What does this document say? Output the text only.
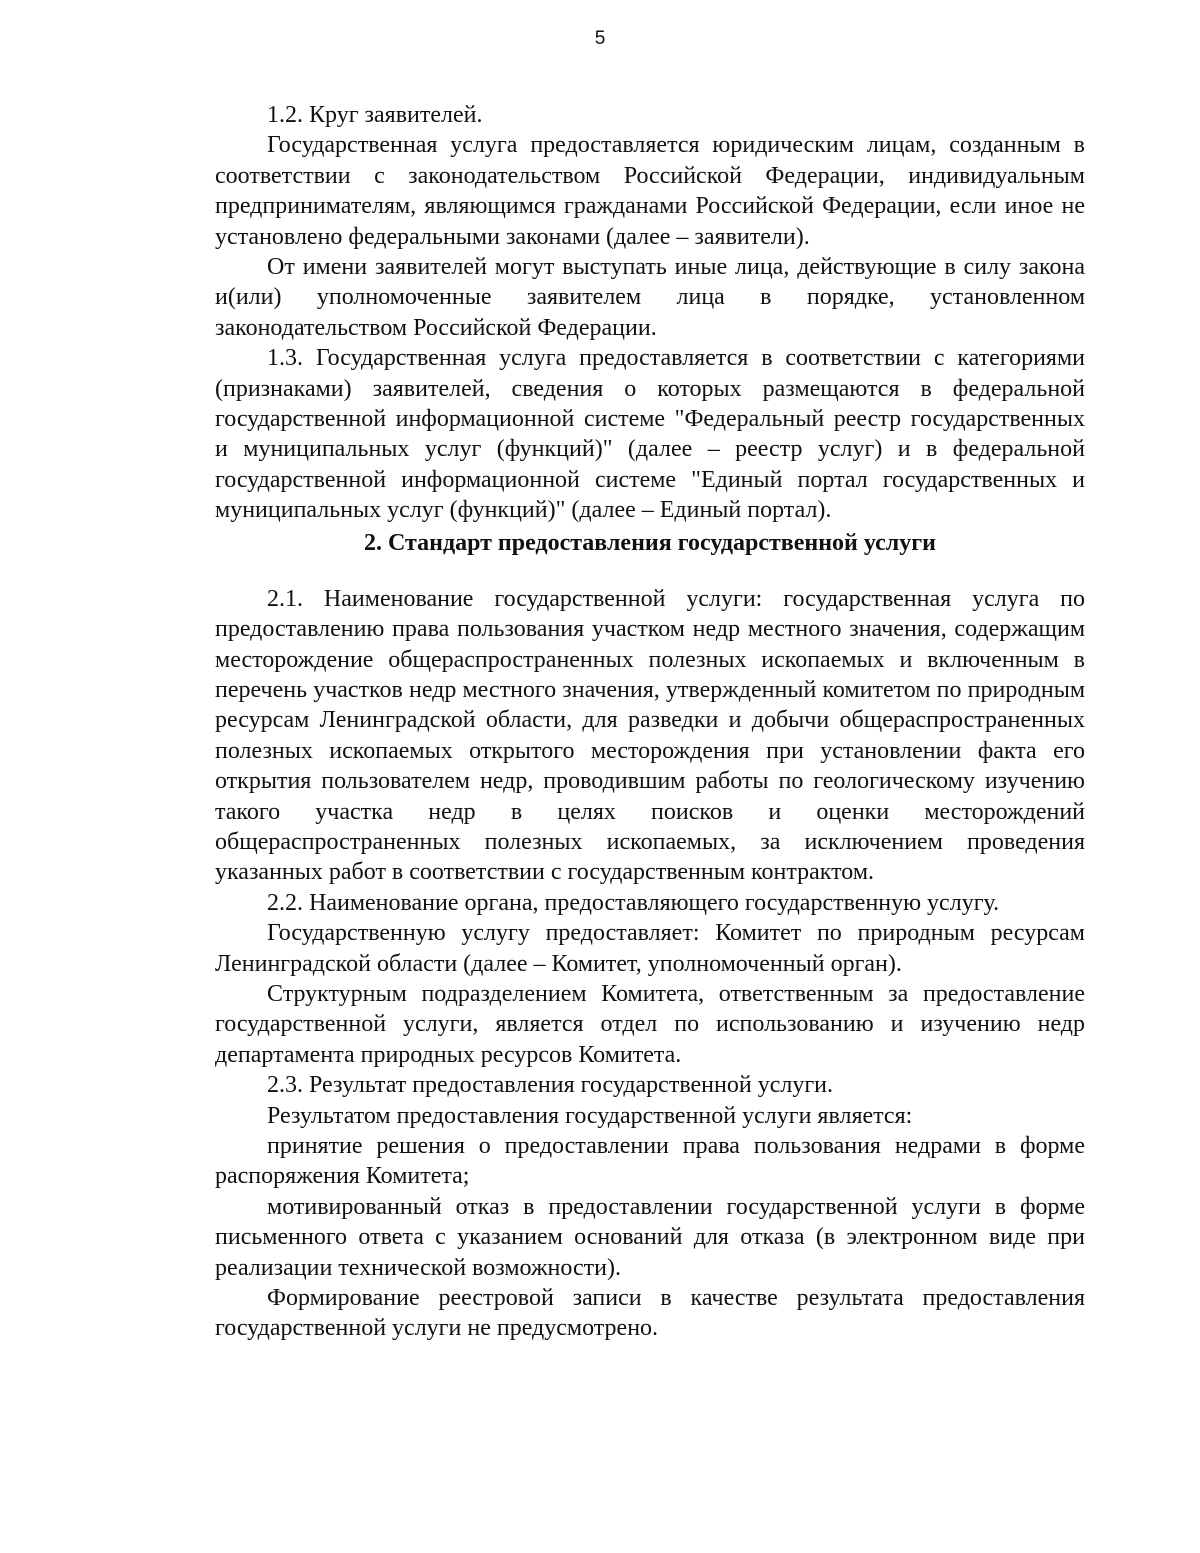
5

1.2. Круг заявителей.

Государственная услуга предоставляется юридическим лицам, созданным в соответствии с законодательством Российской Федерации, индивидуальным предпринимателям, являющимся гражданами Российской Федерации, если иное не установлено федеральными законами (далее – заявители).

От имени заявителей могут выступать иные лица, действующие в силу закона и(или) уполномоченные заявителем лица в порядке, установленном законодательством Российской Федерации.

1.3. Государственная услуга предоставляется в соответствии с категориями (признаками) заявителей, сведения о которых размещаются в федеральной государственной информационной системе "Федеральный реестр государственных и муниципальных услуг (функций)" (далее – реестр услуг) и в федеральной государственной информационной системе "Единый портал государственных и муниципальных услуг (функций)" (далее – Единый портал).

2. Стандарт предоставления государственной услуги

2.1. Наименование государственной услуги: государственная услуга по предоставлению права пользования участком недр местного значения, содержащим месторождение общераспространенных полезных ископаемых и включенным в перечень участков недр местного значения, утвержденный комитетом по природным ресурсам Ленинградской области, для разведки и добычи общераспространенных полезных ископаемых открытого месторождения при установлении факта его открытия пользователем недр, проводившим работы по геологическому изучению такого участка недр в целях поисков и оценки месторождений общераспространенных полезных ископаемых, за исключением проведения указанных работ в соответствии с государственным контрактом.

2.2. Наименование органа, предоставляющего государственную услугу.

Государственную услугу предоставляет: Комитет по природным ресурсам Ленинградской области (далее – Комитет, уполномоченный орган).

Структурным подразделением Комитета, ответственным за предоставление государственной услуги, является отдел по использованию и изучению недр департамента природных ресурсов Комитета.

2.3. Результат предоставления государственной услуги.

Результатом предоставления государственной услуги является:

принятие решения о предоставлении права пользования недрами в форме распоряжения Комитета;

мотивированный отказ в предоставлении государственной услуги в форме письменного ответа с указанием оснований для отказа (в электронном виде при реализации технической возможности).

Формирование реестровой записи в качестве результата предоставления государственной услуги не предусмотрено.
